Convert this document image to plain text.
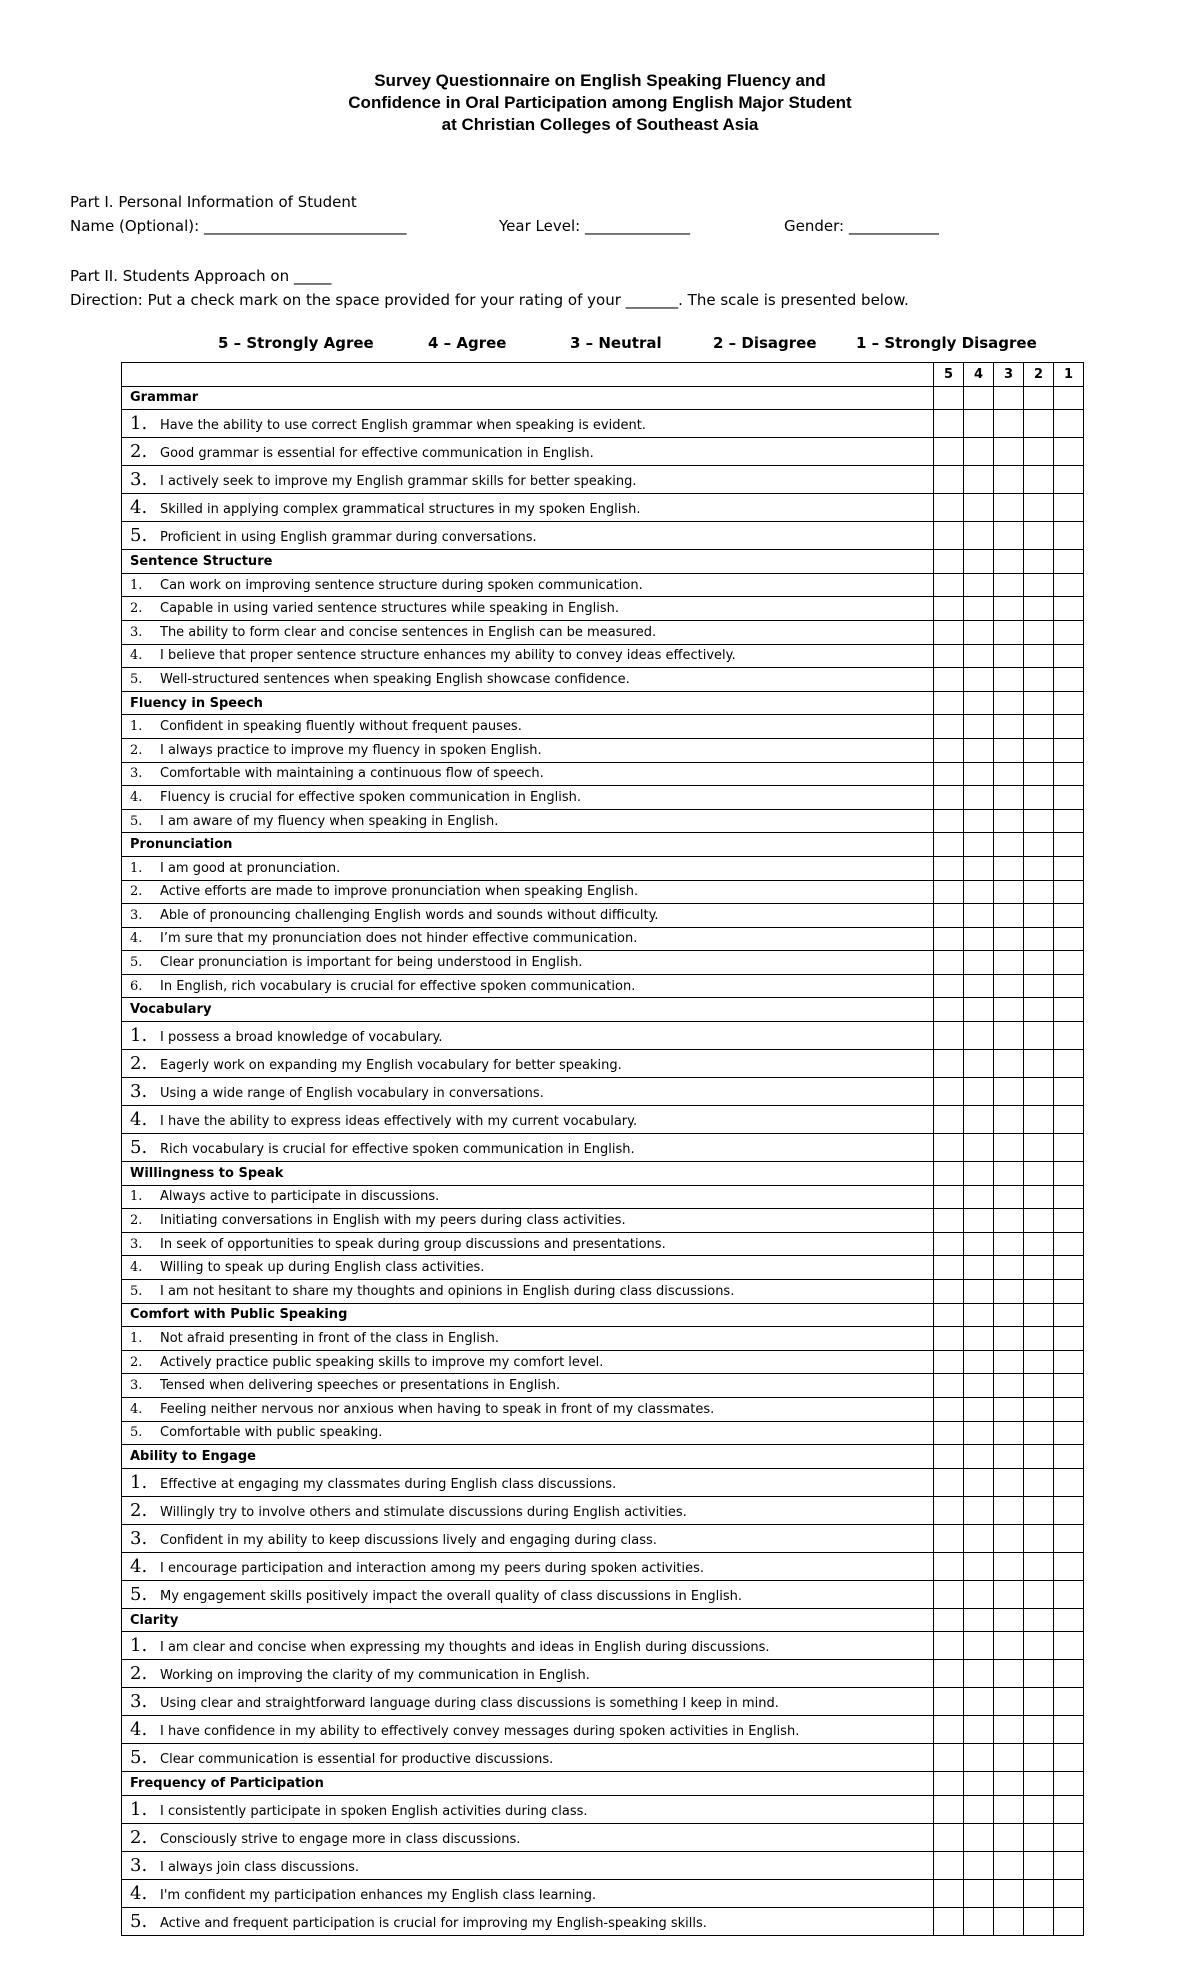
Survey Questionnaire on English Speaking Fluency and
Confidence in Oral Participation among English Major Student
at Christian Colleges of Southeast Asia
Part I. Personal Information of Student
Name (Optional): ___________________________	Year Level: ______________	Gender: ____________
Part II. Students Approach on _____
Direction: Put a check mark on the space provided for your rating of your _______. The scale is presented below.
5 – Strongly Agree	4 – Agree	3 – Neutral	2 – Disagree	1 – Strongly Disagree
	5	4	3	2	1
Grammar					
1. Have the ability to use correct English grammar when speaking is evident.					
2. Good grammar is essential for effective communication in English.					
3. I actively seek to improve my English grammar skills for better speaking.					
4. Skilled in applying complex grammatical structures in my spoken English.					
5. Proficient in using English grammar during conversations.					
Sentence Structure					
1. Can work on improving sentence structure during spoken communication.					
2. Capable in using varied sentence structures while speaking in English.					
3. The ability to form clear and concise sentences in English can be measured.					
4. I believe that proper sentence structure enhances my ability to convey ideas effectively.					
5. Well-structured sentences when speaking English showcase confidence.					
Fluency in Speech					
1. Confident in speaking fluently without frequent pauses.					
2. I always practice to improve my fluency in spoken English.					
3. Comfortable with maintaining a continuous flow of speech.					
4. Fluency is crucial for effective spoken communication in English.					
5. I am aware of my fluency when speaking in English.					
Pronunciation					
1. I am good at pronunciation.					
2. Active efforts are made to improve pronunciation when speaking English.					
3. Able of pronouncing challenging English words and sounds without difficulty.					
4. I’m sure that my pronunciation does not hinder effective communication.					
5. Clear pronunciation is important for being understood in English.					
6. In English, rich vocabulary is crucial for effective spoken communication.					
Vocabulary					
1. I possess a broad knowledge of vocabulary.					
2. Eagerly work on expanding my English vocabulary for better speaking.					
3. Using a wide range of English vocabulary in conversations.					
4. I have the ability to express ideas effectively with my current vocabulary.					
5. Rich vocabulary is crucial for effective spoken communication in English.					
Willingness to Speak					
1. Always active to participate in discussions.					
2. Initiating conversations in English with my peers during class activities.					
3. In seek of opportunities to speak during group discussions and presentations.					
4. Willing to speak up during English class activities.					
5. I am not hesitant to share my thoughts and opinions in English during class discussions.					
Comfort with Public Speaking					
1. Not afraid presenting in front of the class in English.					
2. Actively practice public speaking skills to improve my comfort level.					
3. Tensed when delivering speeches or presentations in English.					
4. Feeling neither nervous nor anxious when having to speak in front of my classmates.					
5. Comfortable with public speaking.					
Ability to Engage					
1. Effective at engaging my classmates during English class discussions.					
2. Willingly try to involve others and stimulate discussions during English activities.					
3. Confident in my ability to keep discussions lively and engaging during class.					
4. I encourage participation and interaction among my peers during spoken activities.					
5. My engagement skills positively impact the overall quality of class discussions in English.					
Clarity					
1. I am clear and concise when expressing my thoughts and ideas in English during discussions.					
2. Working on improving the clarity of my communication in English.					
3. Using clear and straightforward language during class discussions is something I keep in mind.					
4. I have confidence in my ability to effectively convey messages during spoken activities in English.					
5. Clear communication is essential for productive discussions.					
Frequency of Participation					
1. I consistently participate in spoken English activities during class.					
2. Consciously strive to engage more in class discussions.					
3. I always join class discussions.					
4. I'm confident my participation enhances my English class learning.					
5. Active and frequent participation is crucial for improving my English-speaking skills.					
